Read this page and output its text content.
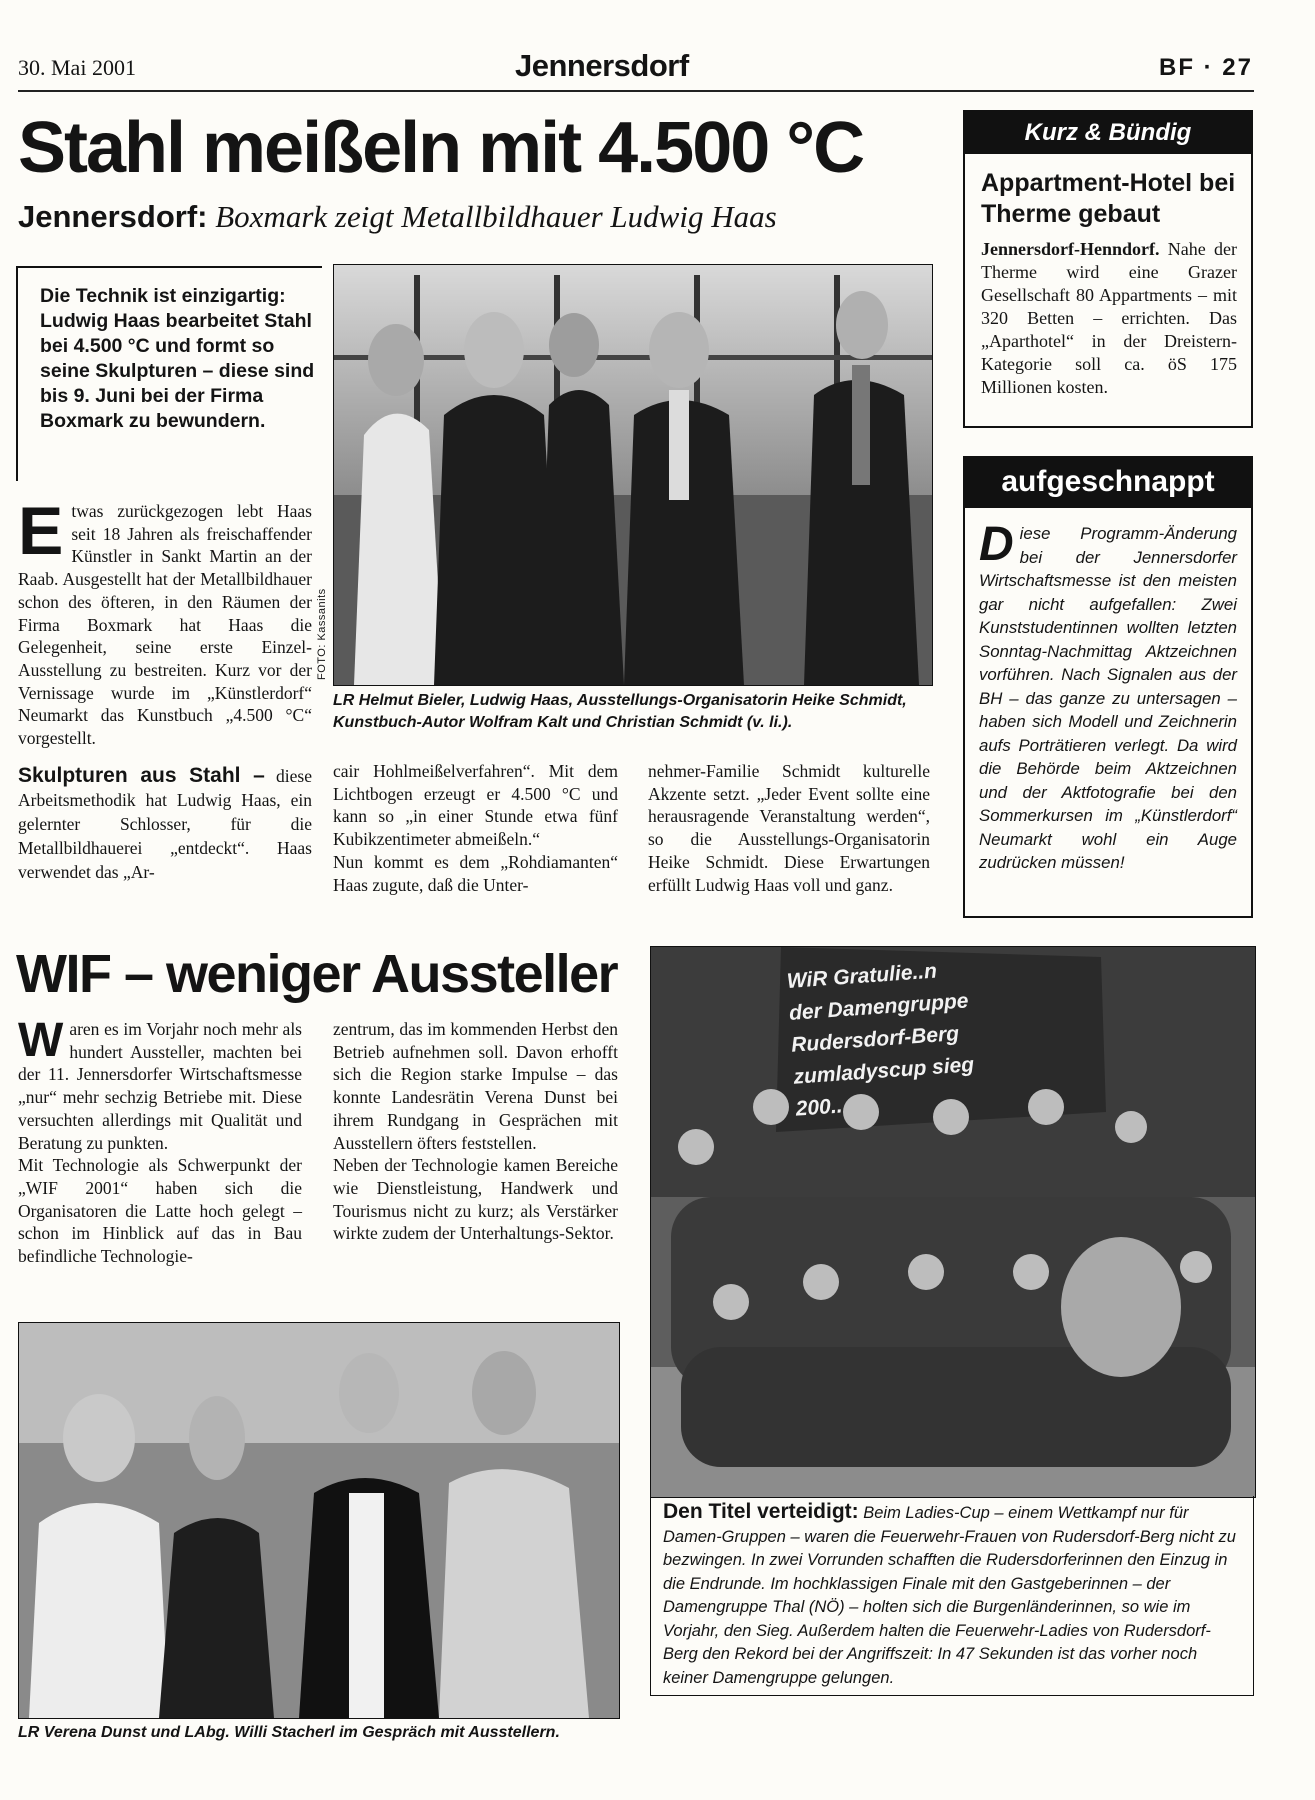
30. Mai 2001	Jennersdorf	BF · 27
Stahl meißeln mit 4.500 °C
Jennersdorf: Boxmark zeigt Metallbildhauer Ludwig Haas
Die Technik ist einzigartig: Ludwig Haas bearbeitet Stahl bei 4.500 °C und formt so seine Skulpturen – diese sind bis 9. Juni bei der Firma Boxmark zu bewundern.

Etwas zurückgezogen lebt Haas seit 18 Jahren als freischaffender Künstler in Sankt Martin an der Raab. Ausgestellt hat der Metallbildhauer schon des öfteren, in den Räumen der Firma Boxmark hat Haas die Gelegenheit, seine erste Einzel-Ausstellung zu bestreiten. Kurz vor der Vernissage wurde im „Künstlerdorf“ Neumarkt das Kunstbuch „4.500 °C“ vorgestellt.

Skulpturen aus Stahl – diese Arbeitsmethodik hat Ludwig Haas, ein gelernter Schlosser, für die Metallbildhauerei „entdeckt“. Haas verwendet das „Ar-

FOTO: Kassanits
LR Helmut Bieler, Ludwig Haas, Ausstellungs-Organisatorin Heike Schmidt, Kunstbuch-Autor Wolfram Kalt und Christian Schmidt (v. li.).

cair Hohlmeißelverfahren“. Mit dem Lichtbogen erzeugt er 4.500 °C und kann so „in einer Stunde etwa fünf Kubikzentimeter abmeißeln.“

Nun kommt es dem „Rohdiamanten“ Haas zugute, daß die Unter-

nehmer-Familie Schmidt kulturelle Akzente setzt. „Jeder Event sollte eine herausragende Veranstaltung werden“, so die Ausstellungs-Organisatorin Heike Schmidt. Diese Erwartungen erfüllt Ludwig Haas voll und ganz.
Kurz & Bündig
Appartment-Hotel bei Therme gebaut
Jennersdorf-Henndorf. Nahe der Therme wird eine Grazer Gesellschaft 80 Appartments – mit 320 Betten – errichten. Das „Aparthotel“ in der Dreistern-Kategorie soll ca. öS 175 Millionen kosten.
aufgeschnappt
Diese Programm-Änderung bei der Jennersdorfer Wirtschaftsmesse ist den meisten gar nicht aufgefallen: Zwei Kunststudentinnen wollten letzten Sonntag-Nachmittag Aktzeichnen vorführen. Nach Signalen aus der BH – das ganze zu untersagen – haben sich Modell und Zeichnerin aufs Porträtieren verlegt. Da wird die Behörde beim Aktzeichnen und der Aktfotografie bei den Sommerkursen im „Künstlerdorf“ Neumarkt wohl ein Auge zudrücken müssen!
WIF – weniger Aussteller

Waren es im Vorjahr noch mehr als hundert Aussteller, machten bei der 11. Jennersdorfer Wirtschaftsmesse „nur“ mehr sechzig Betriebe mit. Diese versuchten allerdings mit Qualität und Beratung zu punkten.

Mit Technologie als Schwerpunkt der „WIF 2001“ haben sich die Organisatoren die Latte hoch gelegt – schon im Hinblick auf das in Bau befindliche Technologie-

zentrum, das im kommenden Herbst den Betrieb aufnehmen soll. Davon erhofft sich die Region starke Impulse – das konnte Landesrätin Verena Dunst bei ihrem Rundgang in Gesprächen mit Ausstellern öfters feststellen.

Neben der Technologie kamen Bereiche wie Dienstleistung, Handwerk und Tourismus nicht zu kurz; als Verstärker wirkte zudem der Unterhaltungs-Sektor.

LR Verena Dunst und LAbg. Willi Stacherl im Gespräch mit Ausstellern.
WiR Gratulie..n
der Damengruppe
Rudersdorf-Berg
zumladyscup sieg
200..
Den Titel verteidigt: Beim Ladies-Cup – einem Wettkampf nur für Damen-Gruppen – waren die Feuerwehr-Frauen von Rudersdorf-Berg nicht zu bezwingen. In zwei Vorrunden schafften die Rudersdorferinnen den Einzug in die Endrunde. Im hochklassigen Finale mit den Gastgeberinnen – der Damengruppe Thal (NÖ) – holten sich die Burgenländerinnen, so wie im Vorjahr, den Sieg. Außerdem halten die Feuerwehr-Ladies von Rudersdorf-Berg den Rekord bei der Angriffszeit: In 47 Sekunden ist das vorher noch keiner Damengruppe gelungen.
